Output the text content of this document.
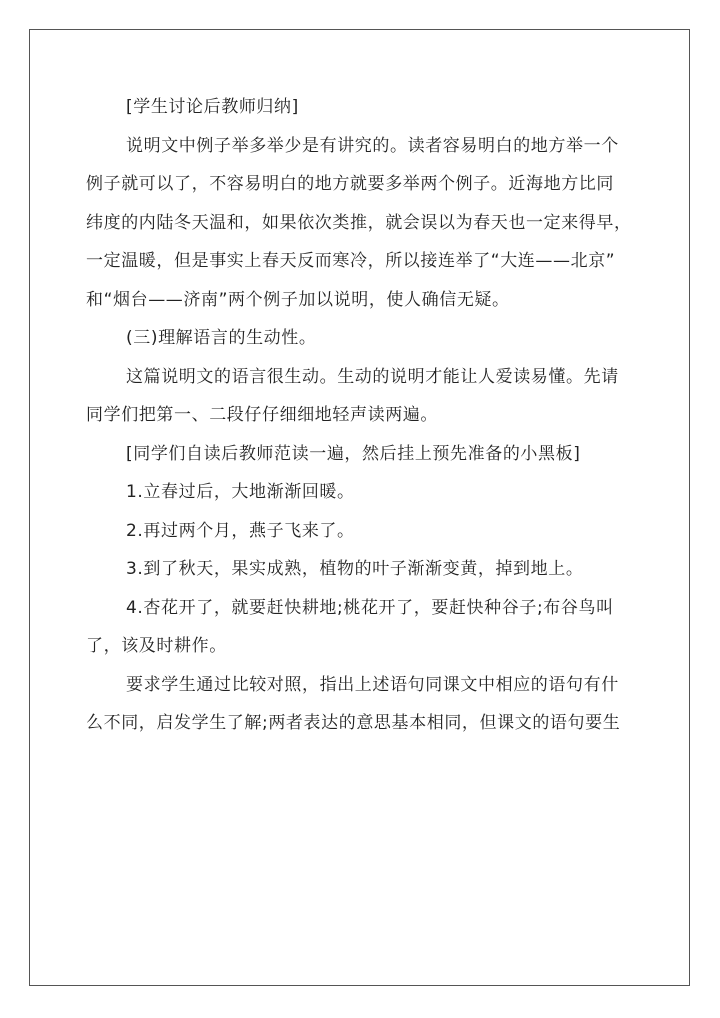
[学生讨论后教师归纳]
说明文中例子举多举少是有讲究的。读者容易明白的地方举一个
例子就可以了，不容易明白的地方就要多举两个例子。近海地方比同
纬度的内陆冬天温和，如果依次类推，就会误以为春天也一定来得早，
一定温暖，但是事实上春天反而寒冷，所以接连举了“大连——北京”
和“烟台——济南”两个例子加以说明，使人确信无疑。
(三)理解语言的生动性。
这篇说明文的语言很生动。生动的说明才能让人爱读易懂。先请
同学们把第一、二段仔仔细细地轻声读两遍。
[同学们自读后教师范读一遍，然后挂上预先准备的小黑板]
1.立春过后，大地渐渐回暖。
2.再过两个月，燕子飞来了。
3.到了秋天，果实成熟，植物的叶子渐渐变黄，掉到地上。
4.杏花开了，就要赶快耕地;桃花开了，要赶快种谷子;布谷鸟叫
了，该及时耕作。
要求学生通过比较对照，指出上述语句同课文中相应的语句有什
么不同，启发学生了解;两者表达的意思基本相同，但课文的语句要生
